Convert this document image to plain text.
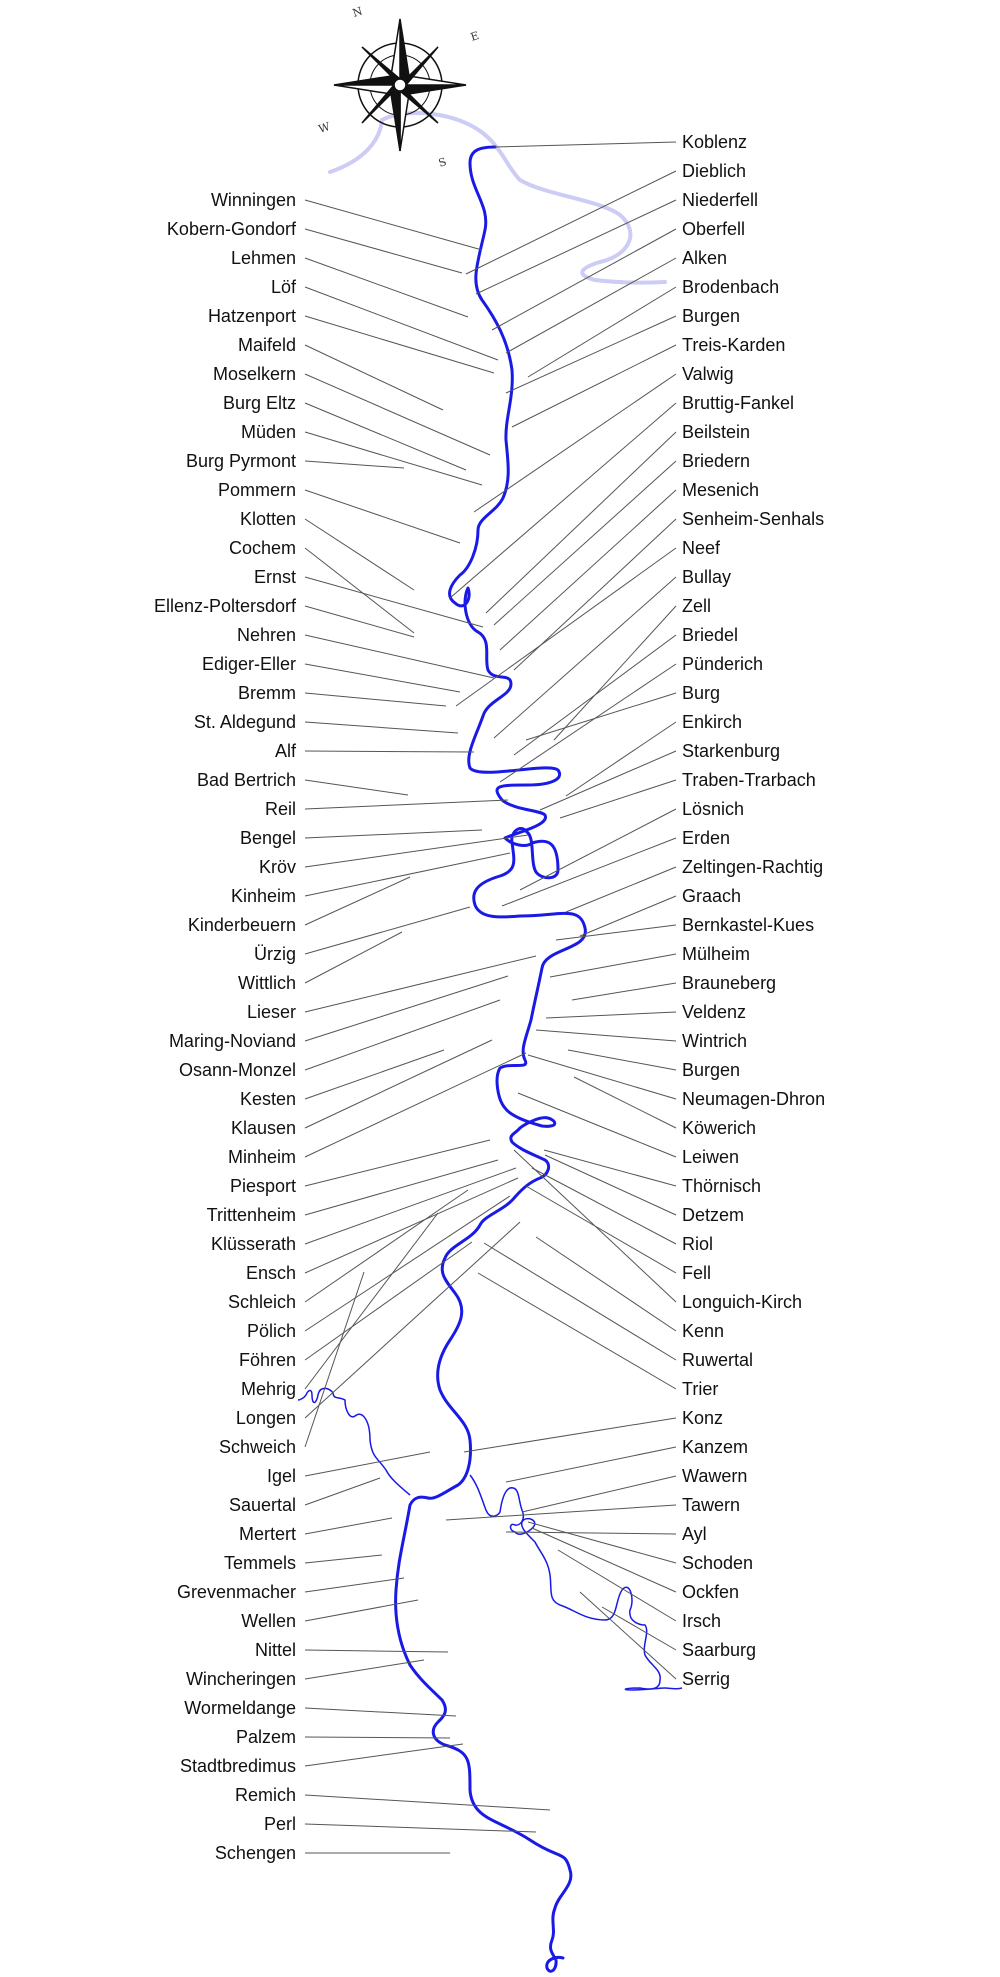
N
E
S
W
Winningen
Kobern-Gondorf
Lehmen
Löf
Hatzenport
Maifeld
Moselkern
Burg Eltz
Müden
Burg Pyrmont
Pommern
Klotten
Cochem
Ernst
Ellenz-Poltersdorf
Nehren
Ediger-Eller
Bremm
St. Aldegund
Alf
Bad Bertrich
Reil
Bengel
Kröv
Kinheim
Kinderbeuern
Ürzig
Wittlich
Lieser
Maring-Noviand
Osann-Monzel
Kesten
Klausen
Minheim
Piesport
Trittenheim
Klüsserath
Ensch
Schleich
Pölich
Föhren
Mehrig
Longen
Schweich
Igel
Sauertal
Mertert
Temmels
Grevenmacher
Wellen
Nittel
Wincheringen
Wormeldange
Palzem
Stadtbredimus
Remich
Perl
Schengen
Koblenz
Dieblich
Niederfell
Oberfell
Alken
Brodenbach
Burgen
Treis-Karden
Valwig
Bruttig-Fankel
Beilstein
Briedern
Mesenich
Senheim-Senhals
Neef
Bullay
Zell
Briedel
Pünderich
Burg
Enkirch
Starkenburg
Traben-Trarbach
Lösnich
Erden
Zeltingen-Rachtig
Graach
Bernkastel-Kues
Mülheim
Brauneberg
Veldenz
Wintrich
Burgen
Neumagen-Dhron
Köwerich
Leiwen
Thörnisch
Detzem
Riol
Fell
Longuich-Kirch
Kenn
Ruwertal
Trier
Konz
Kanzem
Wawern
Tawern
Ayl
Schoden
Ockfen
Irsch
Saarburg
Serrig
